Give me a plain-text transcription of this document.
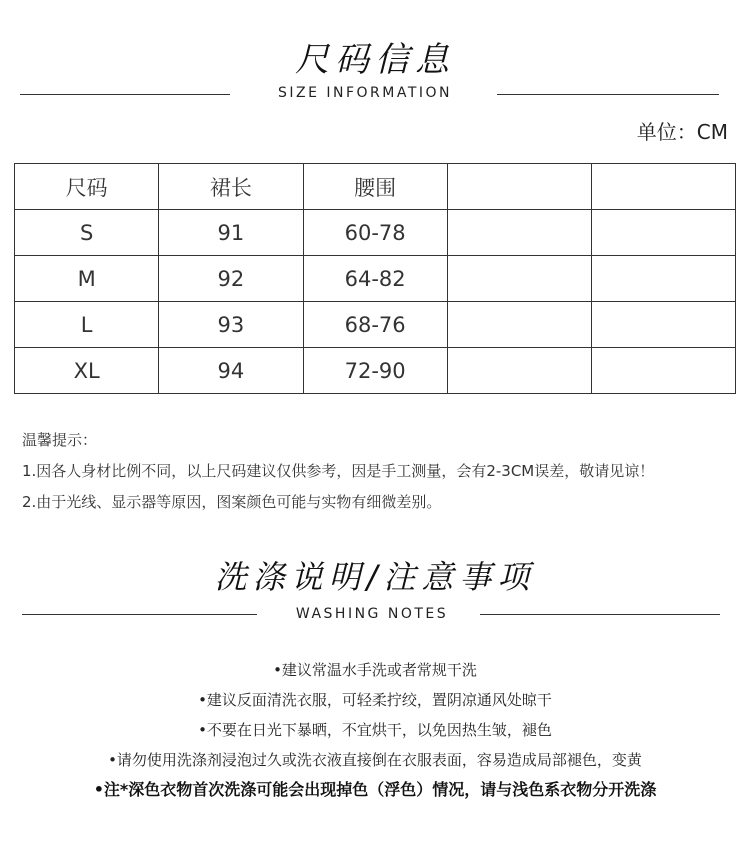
尺码信息
SIZE INFORMATION
单位：CM
尺码	裙长	腰围		
S	91	60-78		
M	92	64-82		
L	93	68-76		
XL	94	72-90		
温馨提示：
1.因各人身材比例不同，以上尺码建议仅供参考，因是手工测量，会有2-3CM误差，敬请见谅！
2.由于光线、显示器等原因，图案颜色可能与实物有细微差别。
洗涤说明/注意事项
WASHING NOTES
•建议常温水手洗或者常规干洗
•建议反面清洗衣服，可轻柔拧绞，置阴凉通风处晾干
•不要在日光下暴晒，不宜烘干，以免因热生皱，褪色
•请勿使用洗涤剂浸泡过久或洗衣液直接倒在衣服表面，容易造成局部褪色，变黄
•注*深色衣物首次洗涤可能会出现掉色（浮色）情况，请与浅色系衣物分开洗涤
